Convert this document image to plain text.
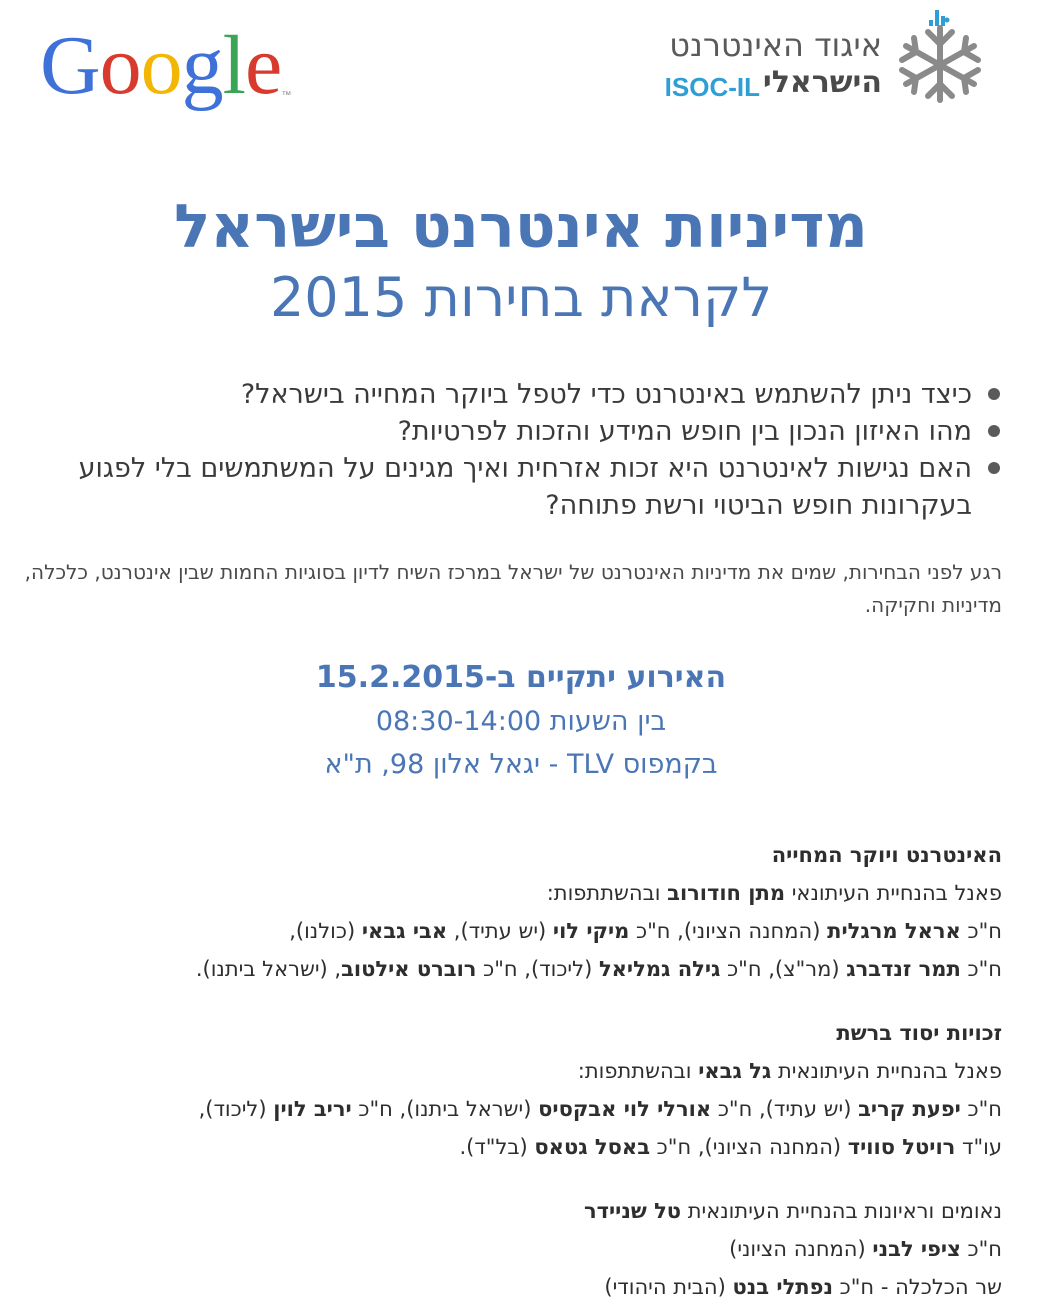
Google™
איגוד האינטרנט
הישראלי
ISOC-IL
מדיניות אינטרנט בישראל
לקראת בחירות 2015
כיצד ניתן להשתמש באינטרנט כדי לטפל ביוקר המחייה בישראל?
מהו האיזון הנכון בין חופש המידע והזכות לפרטיות?
האם נגישות לאינטרנט היא זכות אזרחית ואיך מגינים על המשתמשים בלי לפגוע בעקרונות חופש הביטוי ורשת פתוחה?
רגע לפני הבחירות, שמים את מדיניות האינטרנט של ישראל במרכז השיח לדיון בסוגיות החמות שבין אינטרנט, כלכלה, מדיניות וחקיקה.
האירוע יתקיים ב-15.2.2015
בין השעות 08:30-14:00
בקמפוס TLV - יגאל אלון 98, ת"א
האינטרנט ויוקר המחייה
פאנל בהנחיית העיתונאי מתן חודורוב ובהשתתפות:
ח"כ אראל מרגלית (המחנה הציוני), ח"כ מיקי לוי (יש עתיד), אבי גבאי (כולנו),
ח"כ תמר זנדברג (מר"צ), ח"כ גילה גמליאל (ליכוד), ח"כ רוברט אילטוב, (ישראל ביתנו).
זכויות יסוד ברשת
פאנל בהנחיית העיתונאית גל גבאי ובהשתתפות:
ח"כ יפעת קריב (יש עתיד), ח"כ אורלי לוי אבקסיס (ישראל ביתנו), ח"כ יריב לוין (ליכוד),
עו"ד רויטל סוויד (המחנה הציוני), ח"כ באסל גטאס (בל"ד).
נאומים וראיונות בהנחיית העיתונאית טל שניידר
ח"כ ציפי לבני (המחנה הציוני)
שר הכלכלה - ח"כ נפתלי בנט (הבית היהודי)
